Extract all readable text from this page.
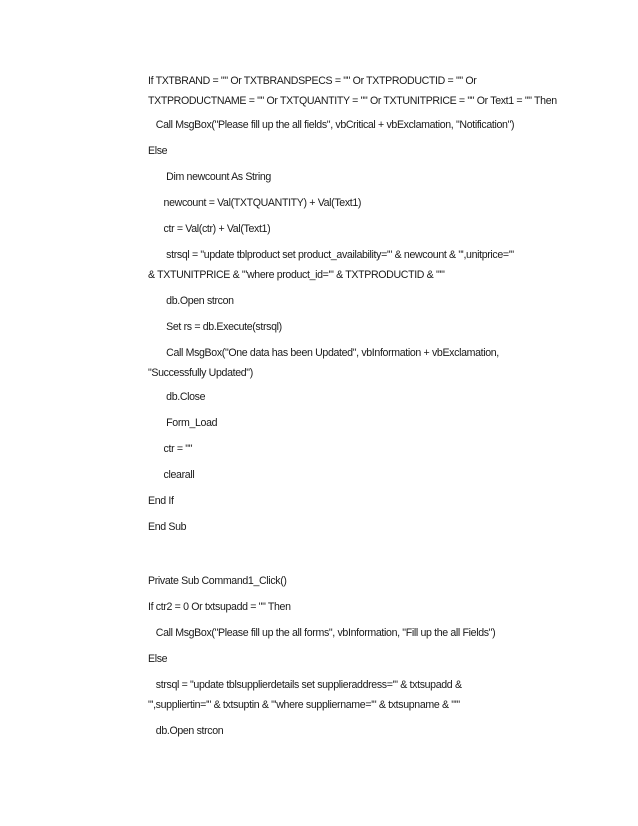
If TXTBRAND = "" Or TXTBRANDSPECS = "" Or TXTPRODUCTID = "" Or
TXTPRODUCTNAME = "" Or TXTQUANTITY = "" Or TXTUNITPRICE = "" Or Text1 = "" Then
Call MsgBox("Please fill up the all fields", vbCritical + vbExclamation, "Notification")
Else
Dim newcount As String
newcount = Val(TXTQUANTITY) + Val(Text1)
ctr = Val(ctr) + Val(Text1)
strsql = "update tblproduct set product_availability='" & newcount & "',unitprice='"
& TXTUNITPRICE & "'where product_id='" & TXTPRODUCTID & "'"
db.Open strcon
Set rs = db.Execute(strsql)
Call MsgBox("One data has been Updated", vbInformation + vbExclamation,
"Successfully Updated")
db.Close
Form_Load
ctr = ""
clearall
End If
End Sub
Private Sub Command1_Click()
If ctr2 = 0 Or txtsupadd = "" Then
Call MsgBox("Please fill up the all forms", vbInformation, "Fill up the all Fields")
Else
strsql = "update tblsupplierdetails set supplieraddress='" & txtsupadd &
"',suppliertin='" & txtsuptin & "'where suppliername='" & txtsupname & "'"
db.Open strcon
